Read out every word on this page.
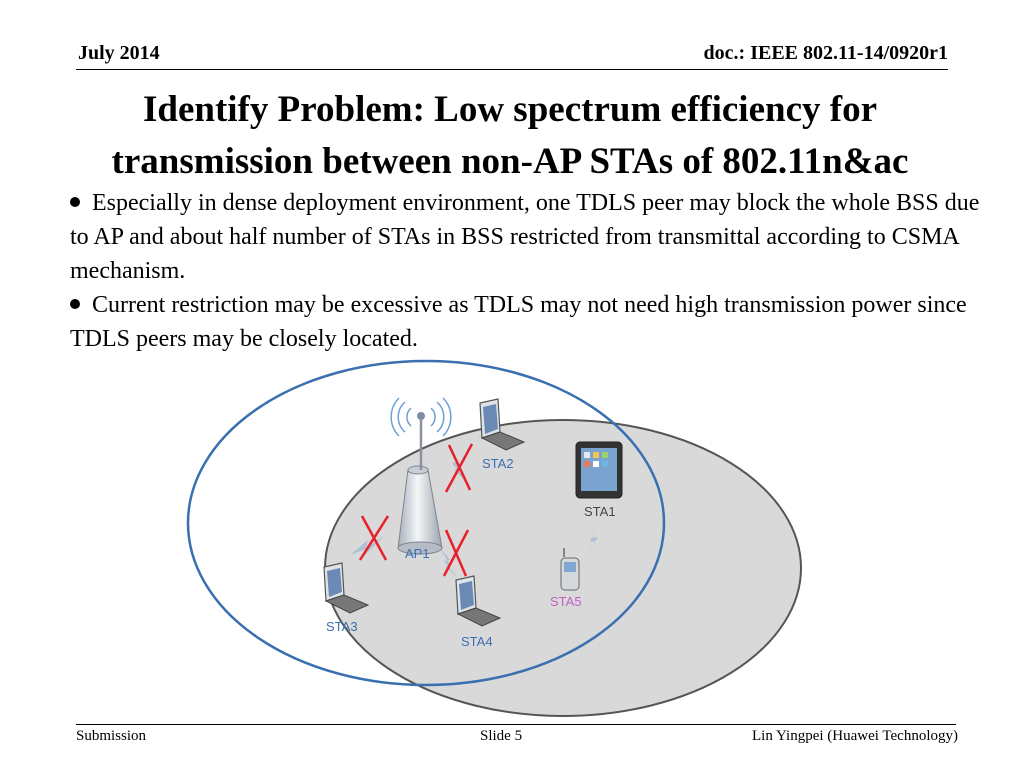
July 2014	doc.: IEEE 802.11-14/0920r1
Identify Problem: Low spectrum efficiency for
transmission between non-AP STAs of 802.11n&ac

Especially in dense deployment environment, one TDLS peer may block the whole BSS due to AP and about half number of STAs in BSS restricted from transmittal according to CSMA mechanism.

Current restriction may be excessive as TDLS may not need high transmission power since TDLS peers may be closely located.

AP1
STA1
STA2
STA3
STA4
STA5
Submission	Slide 5	Lin Yingpei (Huawei Technology)
